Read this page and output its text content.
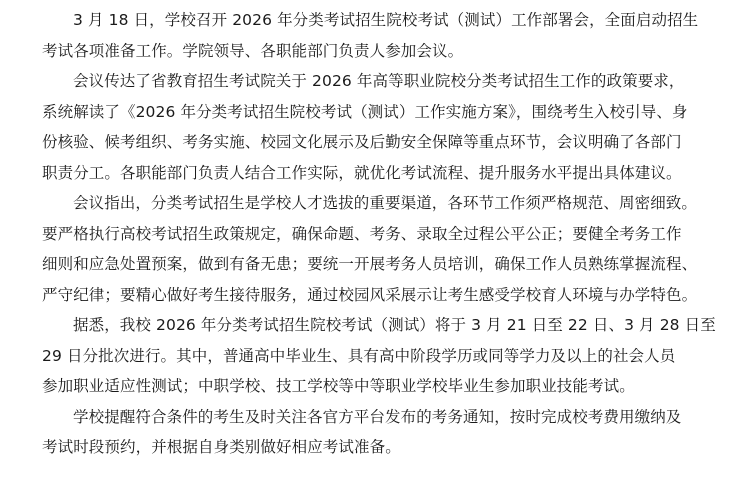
3 月 18 日，学校召开 2026 年分类考试招生院校考试（测试）工作部署会，全面启动招生
考试各项准备工作。学院领导、各职能部门负责人参加会议。

会议传达了省教育招生考试院关于 2026 年高等职业院校分类考试招生工作的政策要求，
系统解读了《2026 年分类考试招生院校考试（测试）工作实施方案》，围绕考生入校引导、身
份核验、候考组织、考务实施、校园文化展示及后勤安全保障等重点环节，会议明确了各部门
职责分工。各职能部门负责人结合工作实际，就优化考试流程、提升服务水平提出具体建议。

会议指出，分类考试招生是学校人才选拔的重要渠道，各环节工作须严格规范、周密细致。
要严格执行高校考试招生政策规定，确保命题、考务、录取全过程公平公正；要健全考务工作
细则和应急处置预案，做到有备无患；要统一开展考务人员培训，确保工作人员熟练掌握流程、
严守纪律；要精心做好考生接待服务，通过校园风采展示让考生感受学校育人环境与办学特色。

据悉，我校 2026 年分类考试招生院校考试（测试）将于 3 月 21 日至 22 日、3 月 28 日至
29 日分批次进行。其中，普通高中毕业生、具有高中阶段学历或同等学力及以上的社会人员
参加职业适应性测试；中职学校、技工学校等中等职业学校毕业生参加职业技能考试。

学校提醒符合条件的考生及时关注各官方平台发布的考务通知，按时完成校考费用缴纳及
考试时段预约，并根据自身类别做好相应考试准备。
